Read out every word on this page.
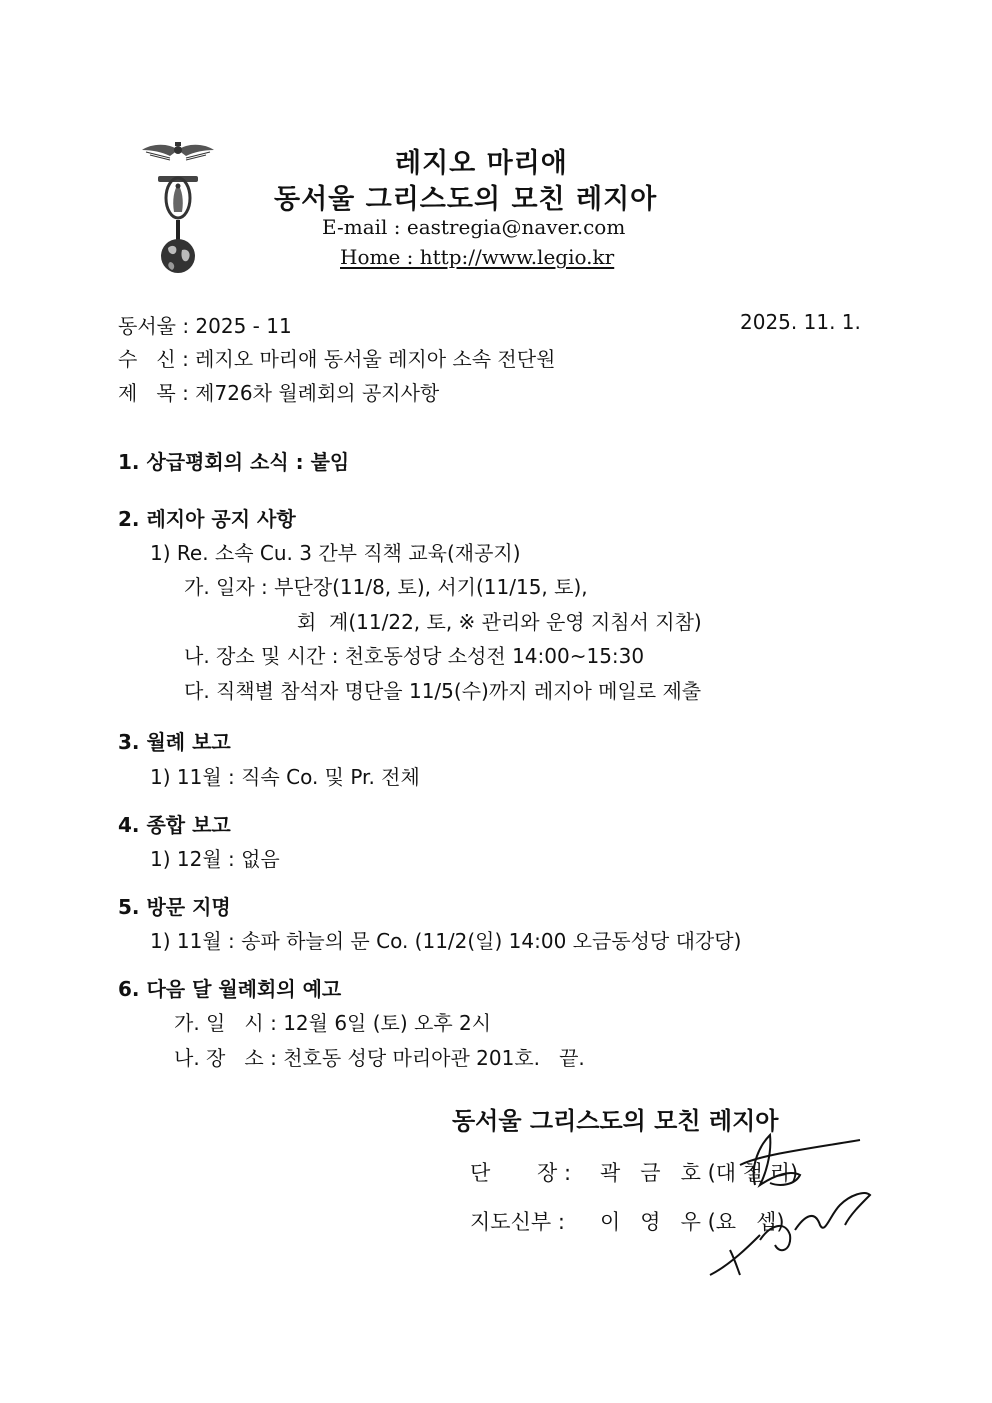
레지오 마리애
동서울 그리스도의 모친 레지아
E-mail : eastregia@naver.com
Home : http://www.legio.kr
동서울 : 2025 - 11	2025. 11. 1.
수   신 : 레지오 마리애 동서울 레지아 소속 전단원
제   목 : 제726차 월례회의 공지사항
1. 상급평회의 소식 : 붙임
2. 레지아 공지 사항
1) Re. 소속 Cu. 3 간부 직책 교육(재공지)
가. 일자 : 부단장(11/8, 토), 서기(11/15, 토),
회  계(11/22, 토, ※ 관리와 운영 지침서 지참)
나. 장소 및 시간 : 천호동성당 소성전 14:00~15:30
다. 직책별 참석자 명단을 11/5(수)까지 레지아 메일로 제출
3. 월례 보고
1) 11월 : 직속 Co. 및 Pr. 전체
4. 종합 보고
1) 12월 : 없음
5. 방문 지명
1) 11월 : 송파 하늘의 문 Co. (11/2(일) 14:00 오금동성당 대강당)
6. 다음 달 월례회의 예고
가. 일   시 : 12월 6일 (토) 오후 2시
나. 장   소 : 천호동 성당 마리아관 201호.   끝.
동서울 그리스도의 모친 레지아
단       장 : 곽   금   호 (대 철 리)
지도신부 : 이   영   우 (요   셉)
